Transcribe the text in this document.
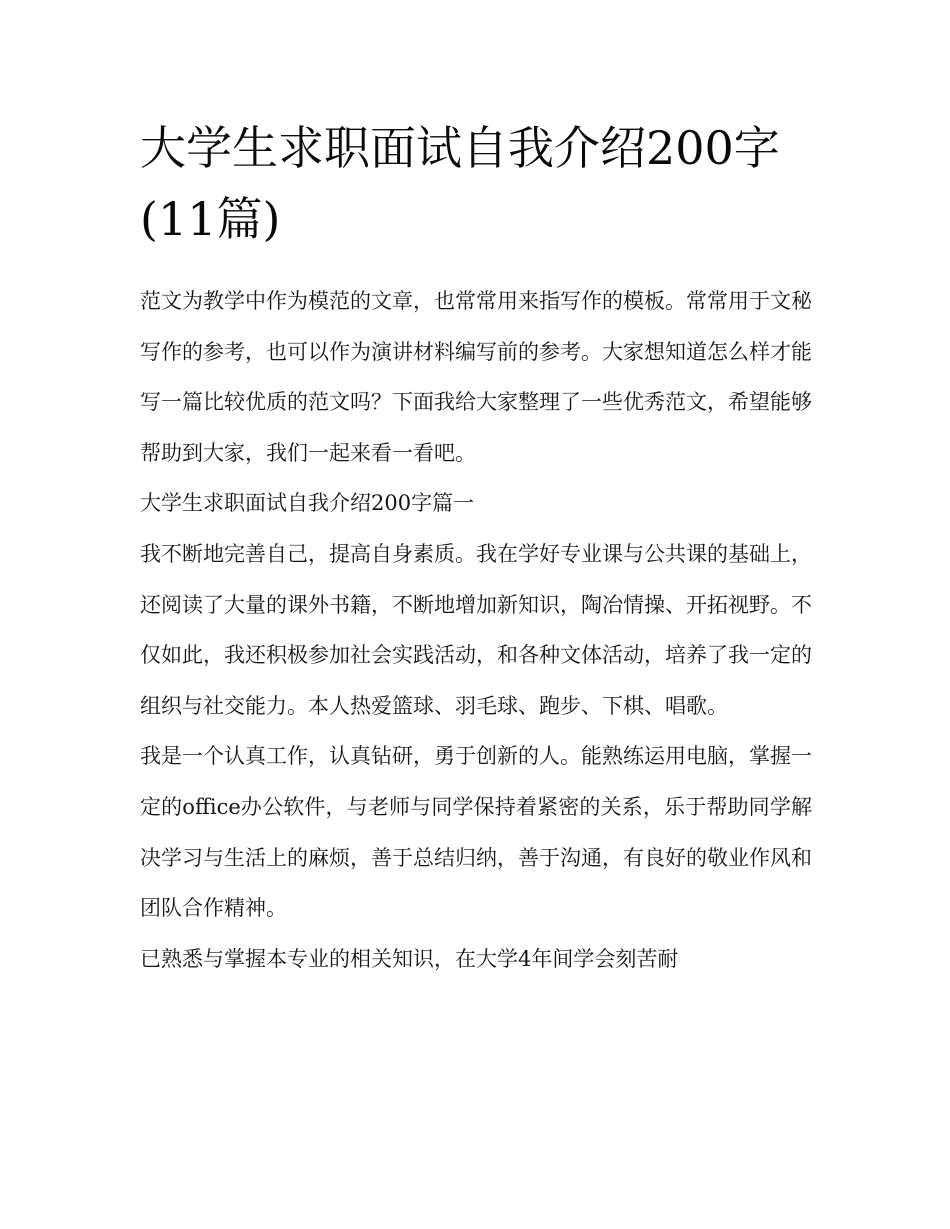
大学生求职面试自我介绍200字(11篇)

范文为教学中作为模范的文章，也常常用来指写作的模板。常常用于文秘写作的参考，也可以作为演讲材料编写前的参考。大家想知道怎么样才能写一篇比较优质的范文吗？下面我给大家整理了一些优秀范文，希望能够帮助到大家，我们一起来看一看吧。

大学生求职面试自我介绍200字篇一

我不断地完善自己，提高自身素质。我在学好专业课与公共课的基础上，还阅读了大量的课外书籍，不断地增加新知识，陶冶情操、开拓视野。不仅如此，我还积极参加社会实践活动，和各种文体活动，培养了我一定的组织与社交能力。本人热爱篮球、羽毛球、跑步、下棋、唱歌。

我是一个认真工作，认真钻研，勇于创新的人。能熟练运用电脑，掌握一定的office办公软件，与老师与同学保持着紧密的关系，乐于帮助同学解决学习与生活上的麻烦，善于总结归纳，善于沟通，有良好的敬业作风和团队合作精神。

已熟悉与掌握本专业的相关知识，在大学4年间学会刻苦耐
